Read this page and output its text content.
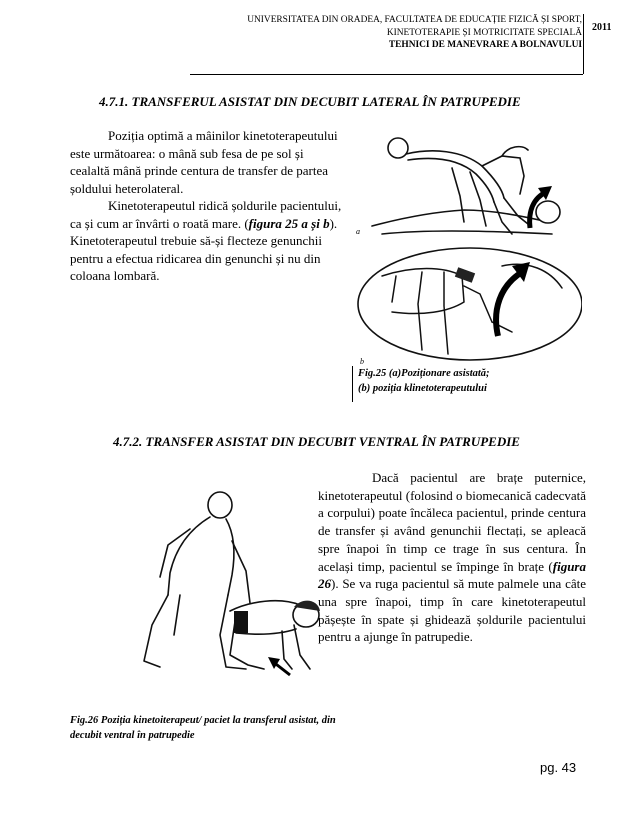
UNIVERSITATEA DIN ORADEA, FACULTATEA DE EDUCAȚIE FIZICĂ ȘI SPORT,
KINETOTERAPIE ȘI MOTRICITATE SPECIALĂ
TEHNICI DE MANEVRARE A BOLNAVULUI
2011
4.7.1. TRANSFERUL ASISTAT DIN DECUBIT LATERAL ÎN PATRUPEDIE

Poziția optimă a mâinilor kinetoterapeutului este următoarea: o mână sub fesa de pe sol și cealaltă mână prinde centura de transfer de partea șoldului heterolateral.

Kinetoterapeutul ridică șoldurile pacientului, ca și cum ar învârti o roată mare. (figura 25 a și b). Kinetoterapeutul trebuie să-și flecteze genunchii pentru a efectua ridicarea din genunchi și nu din coloana lombară.

a
b
Fig.25 (a)Poziționare asistată;
(b) poziția klinetoterapeutului
4.7.2. TRANSFER ASISTAT DIN DECUBIT VENTRAL ÎN PATRUPEDIE

Dacă pacientul are brațe puternice, kinetoterapeutul (folosind o biomecanică cadecvată a corpului) poate încăleca pacientul, prinde centura de transfer și având genunchii flectați, se apleacă spre înapoi în timp ce trage în sus centura. În același timp, pacientul se împinge în brațe (figura 26). Se va ruga pacientul să mute palmele una câte una spre înapoi, timp în care kinetoterapeutul pășește în spate și ghidează șoldurile pacientului pentru a ajunge în patrupedie.

Fig.26 Poziția kinetoiterapeut/ paciet la transferul asistat, din decubit ventral în patrupedie
pg. 43
